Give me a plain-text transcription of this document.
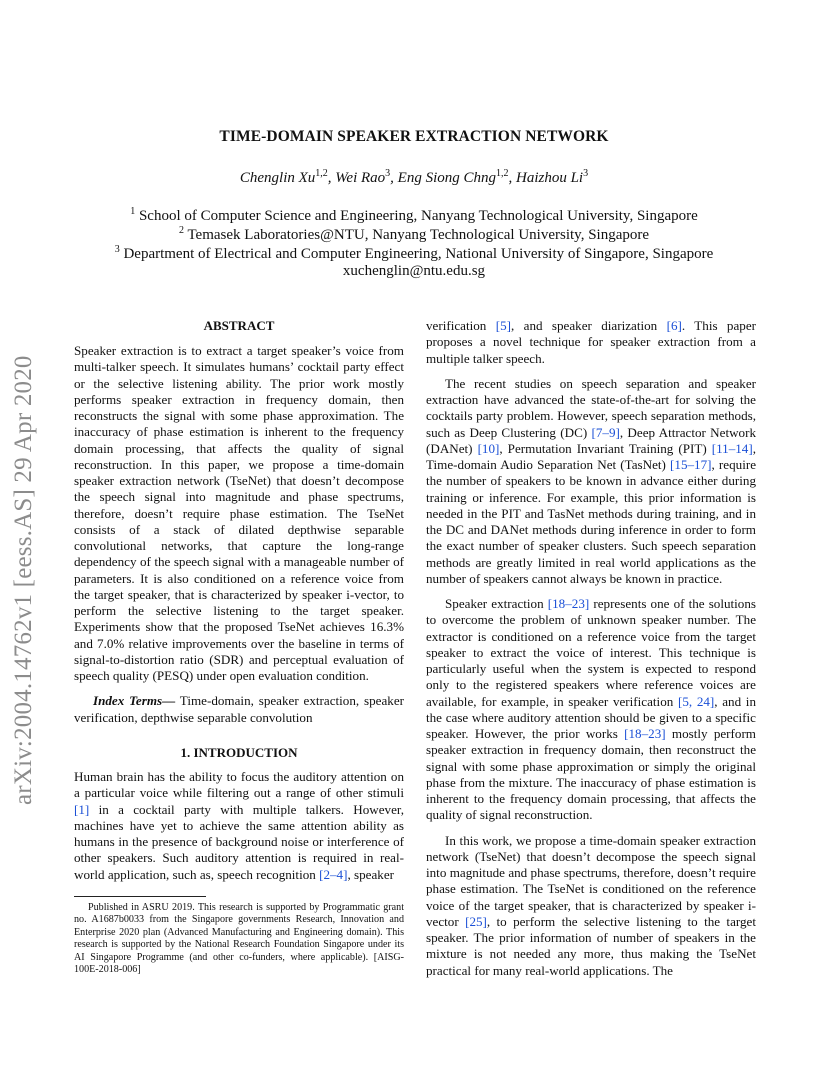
arXiv:2004.14762v1 [eess.AS] 29 Apr 2020
TIME-DOMAIN SPEAKER EXTRACTION NETWORK
Chenglin Xu$^{1,2}$, Wei Rao$^3$, Eng Siong Chng$^{1,2}$, Haizhou Li$^3$
$^1$ School of Computer Science and Engineering, Nanyang Technological University, Singapore
$^2$ Temasek Laboratories@NTU, Nanyang Technological University, Singapore
$^3$ Department of Electrical and Computer Engineering, National University of Singapore, Singapore
xuchenglin@ntu.edu.sg
ABSTRACT

Speaker extraction is to extract a target speaker’s voice from multi-talker speech. It simulates humans’ cocktail party effect or the selective listening ability. The prior work mostly performs speaker extraction in frequency domain, then reconstructs the signal with some phase approximation. The inaccuracy of phase estimation is inherent to the frequency domain processing, that affects the quality of signal reconstruction. In this paper, we propose a time-domain speaker extraction network (TseNet) that doesn’t decompose the speech signal into magnitude and phase spectrums, therefore, doesn’t require phase estimation. The TseNet consists of a stack of dilated depthwise separable convolutional networks, that capture the long-range dependency of the speech signal with a manageable number of parameters. It is also conditioned on a reference voice from the target speaker, that is characterized by speaker i-vector, to perform the selective listening to the target speaker. Experiments show that the proposed TseNet achieves 16.3% and 7.0% relative improvements over the baseline in terms of signal-to-distortion ratio (SDR) and perceptual evaluation of speech quality (PESQ) under open evaluation condition.

Index Terms— Time-domain, speaker extraction, speaker verification, depthwise separable convolution

1. INTRODUCTION

Human brain has the ability to focus the auditory attention on a particular voice while filtering out a range of other stimuli [1] in a cocktail party with multiple talkers. However, machines have yet to achieve the same attention ability as humans in the presence of background noise or interference of other speakers. Such auditory attention is required in real-world application, such as, speech recognition [2–4], speaker

Published in ASRU 2019. This research is supported by Programmatic grant no. A1687b0033 from the Singapore governments Research, Innovation and Enterprise 2020 plan (Advanced Manufacturing and Engineering domain). This research is supported by the National Research Foundation Singapore under its AI Singapore Programme (and other co-funders, where applicable). [AISG-100E-2018-006]

verification [5], and speaker diarization [6]. This paper proposes a novel technique for speaker extraction from a multiple talker speech.

The recent studies on speech separation and speaker extraction have advanced the state-of-the-art for solving the cocktails party problem. However, speech separation methods, such as Deep Clustering (DC) [7–9], Deep Attractor Network (DANet) [10], Permutation Invariant Training (PIT) [11–14], Time-domain Audio Separation Net (TasNet) [15–17], require the number of speakers to be known in advance either during training or inference. For example, this prior information is needed in the PIT and TasNet methods during training, and in the DC and DANet methods during inference in order to form the exact number of speaker clusters. Such speech separation methods are greatly limited in real world applications as the number of speakers cannot always be known in practice.

Speaker extraction [18–23] represents one of the solutions to overcome the problem of unknown speaker number. The extractor is conditioned on a reference voice from the target speaker to extract the voice of interest. This technique is particularly useful when the system is expected to respond only to the registered speakers where reference voices are available, for example, in speaker verification [5, 24], and in the case where auditory attention should be given to a specific speaker. However, the prior works [18–23] mostly perform speaker extraction in frequency domain, then reconstruct the signal with some phase approximation or simply the original phase from the mixture. The inaccuracy of phase estimation is inherent to the frequency domain processing, that affects the quality of signal reconstruction.

In this work, we propose a time-domain speaker extraction network (TseNet) that doesn’t decompose the speech signal into magnitude and phase spectrums, therefore, doesn’t require phase estimation. The TseNet is conditioned on the reference voice of the target speaker, that is characterized by speaker i-vector [25], to perform the selective listening to the target speaker. The prior information of number of speakers in the mixture is not needed any more, thus making the TseNet practical for many real-world applications. The
